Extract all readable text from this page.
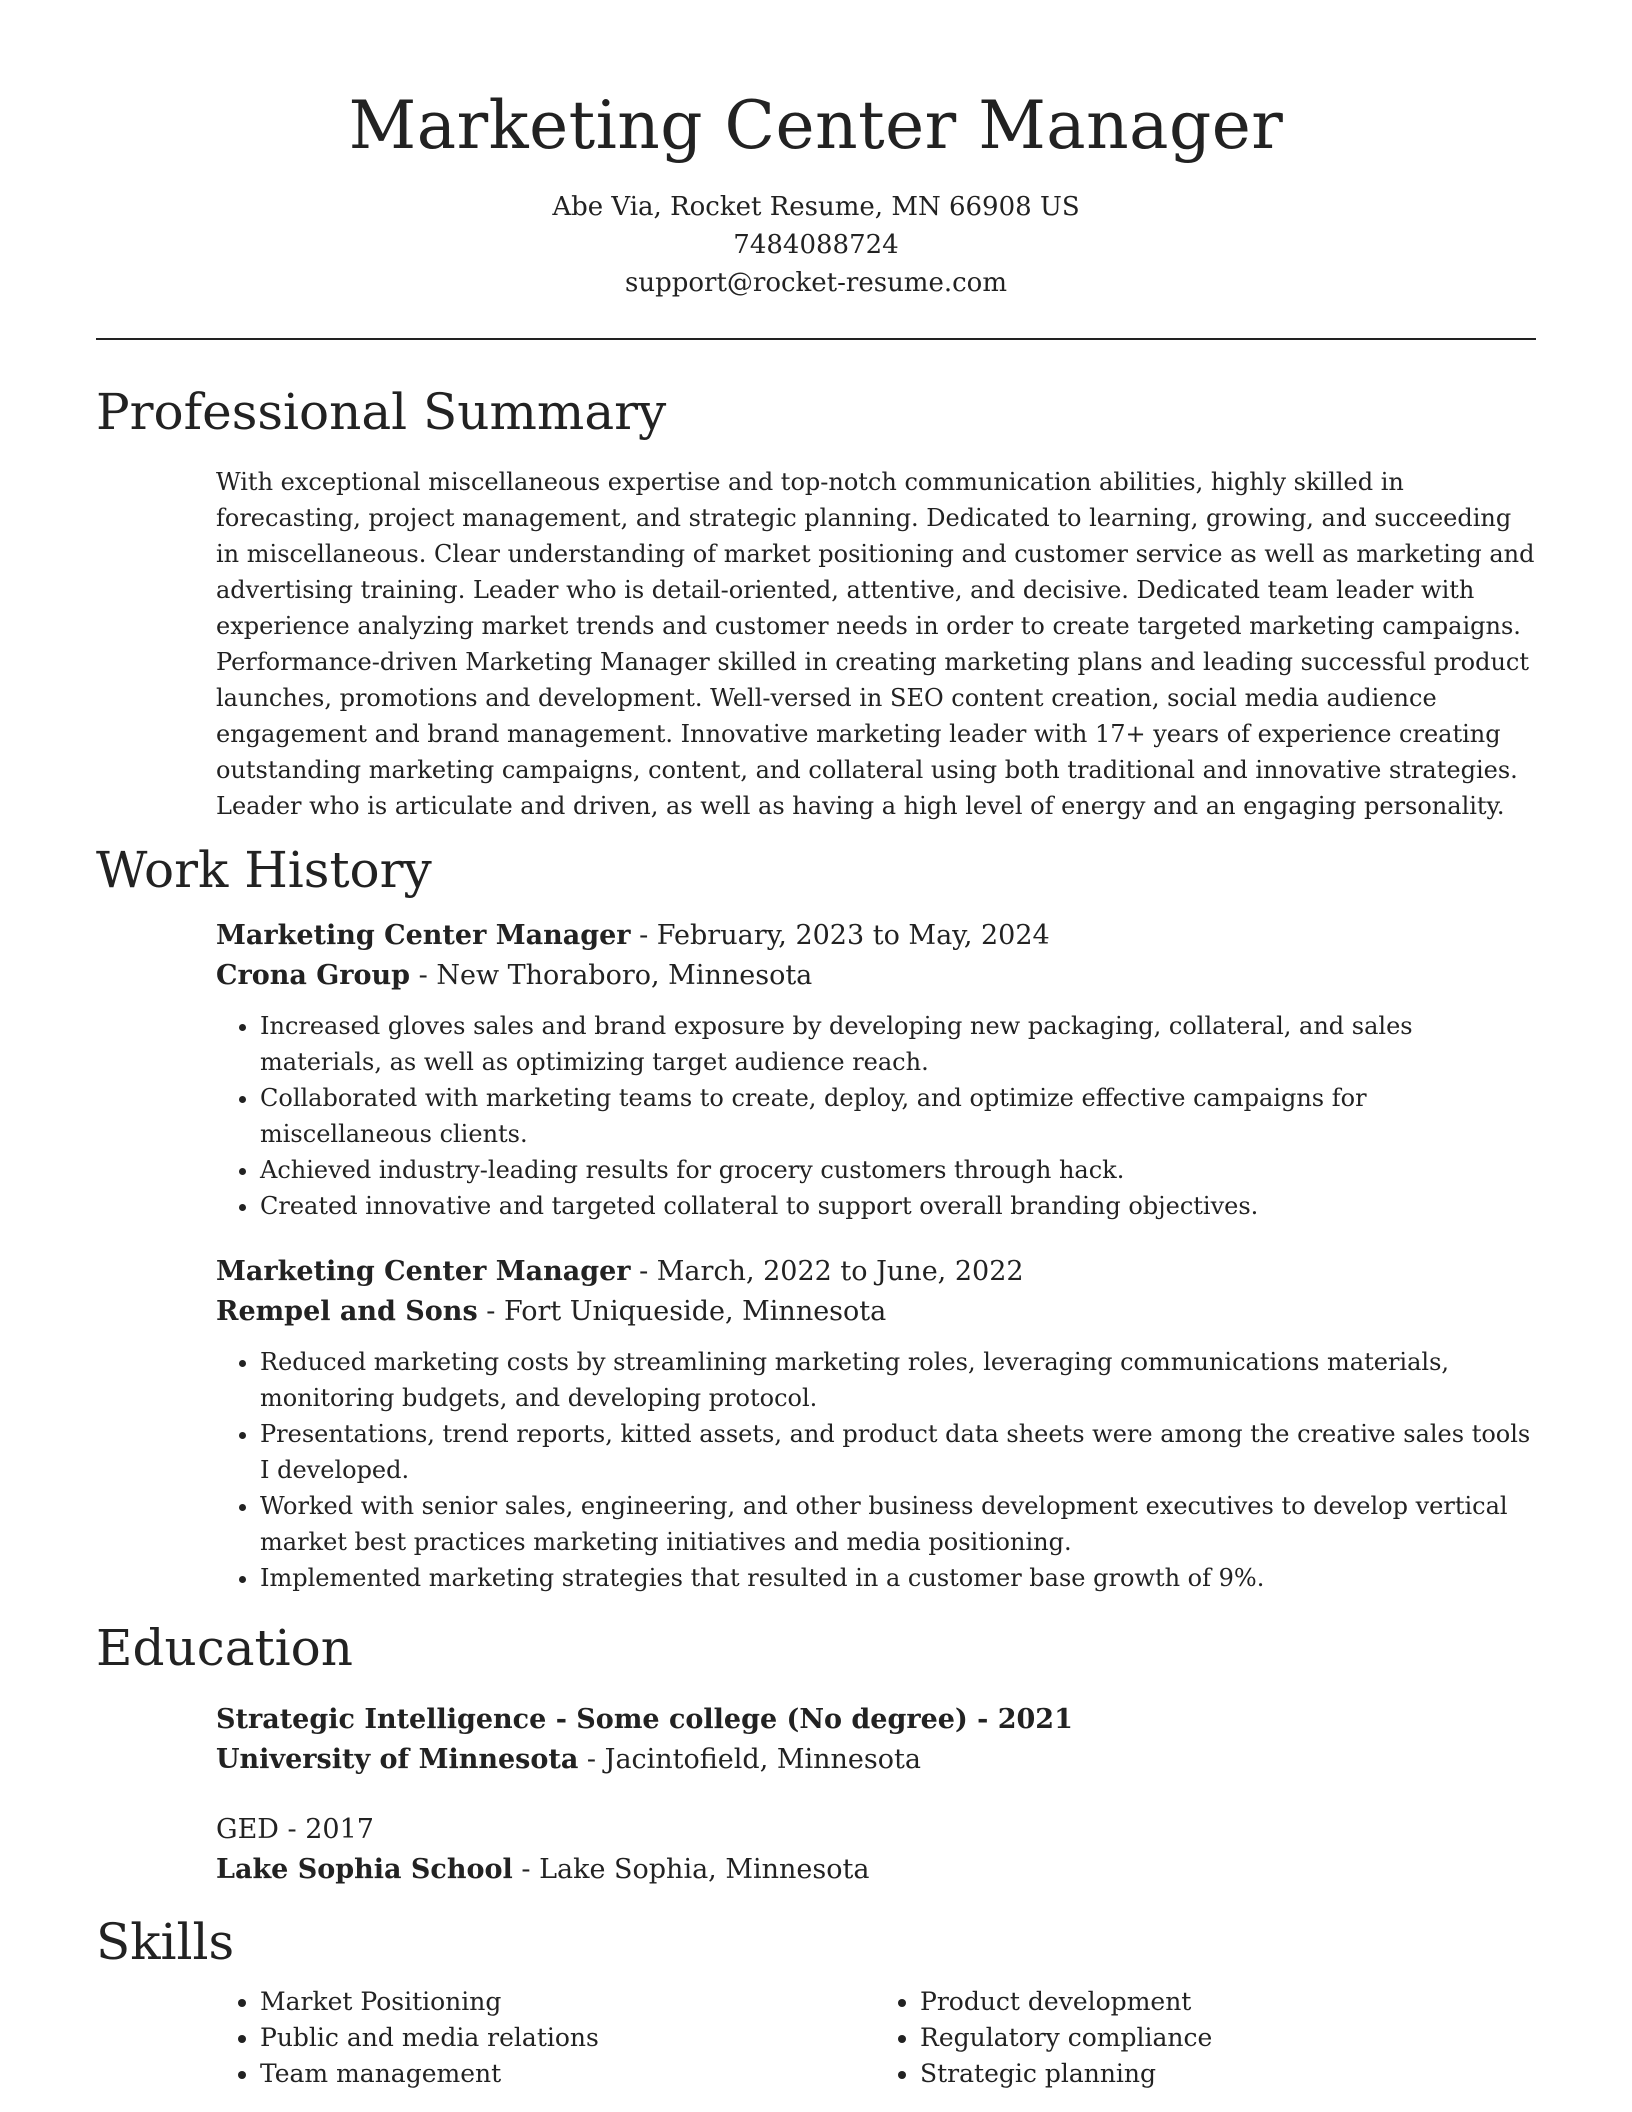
Marketing Center Manager

Abe Via, Rocket Resume, MN 66908 US

7484088724

support@rocket-resume.com

Professional Summary

With exceptional miscellaneous expertise and top-notch communication abilities, highly skilled in forecasting, project management, and strategic planning. Dedicated to learning, growing, and succeeding in miscellaneous. Clear understanding of market positioning and customer service as well as marketing and advertising training. Leader who is detail-oriented, attentive, and decisive. Dedicated team leader with experience analyzing market trends and customer needs in order to create targeted marketing campaigns. Performance-driven Marketing Manager skilled in creating marketing plans and leading successful product launches, promotions and development. Well-versed in SEO content creation, social media audience engagement and brand management. Innovative marketing leader with 17+ years of experience creating outstanding marketing campaigns, content, and collateral using both traditional and innovative strategies. Leader who is articulate and driven, as well as having a high level of energy and an engaging personality.

Work History

Marketing Center Manager - February, 2023 to May, 2024

Crona Group - New Thoraboro, Minnesota

• Increased gloves sales and brand exposure by developing new packaging, collateral, and sales materials, as well as optimizing target audience reach.
• Collaborated with marketing teams to create, deploy, and optimize effective campaigns for miscellaneous clients.
• Achieved industry-leading results for grocery customers through hack.
• Created innovative and targeted collateral to support overall branding objectives.

Marketing Center Manager - March, 2022 to June, 2022

Rempel and Sons - Fort Uniqueside, Minnesota

• Reduced marketing costs by streamlining marketing roles, leveraging communications materials, monitoring budgets, and developing protocol.
• Presentations, trend reports, kitted assets, and product data sheets were among the creative sales tools I developed.
• Worked with senior sales, engineering, and other business development executives to develop vertical market best practices marketing initiatives and media positioning.
• Implemented marketing strategies that resulted in a customer base growth of 9%.
Education

Strategic Intelligence - Some college (No degree) - 2021

University of Minnesota - Jacintofield, Minnesota

GED - 2017

Lake Sophia School - Lake Sophia, Minnesota

Skills
• Market Positioning
• Public and media relations
• Team management
• Product development
• Regulatory compliance
• Strategic planning
